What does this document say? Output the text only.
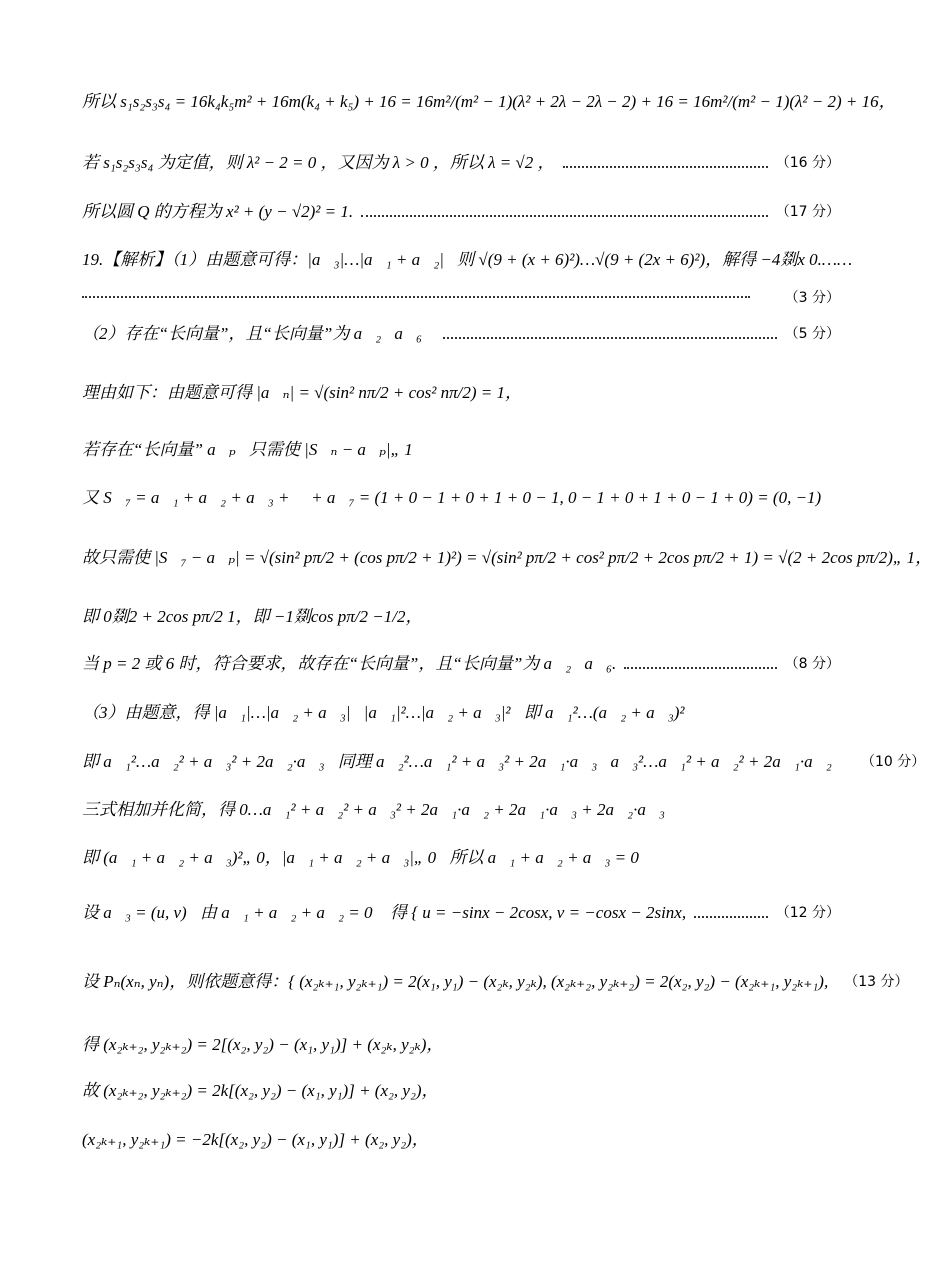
所以 s₁s₂s₃s₄ = 16k₄k₅m² + 16m(k₄ + k₅) + 16 = 16m²/(m² − 1)(λ² + 2λ − 2λ − 2) + 16 = 16m²/(m² − 1)(λ² − 2) + 16，
若 s₁s₂s₃s₄ 为定值，则 λ² − 2 = 0 ，又因为 λ > 0 ，所以 λ = √2 ，	（16 分）
所以圆 Q 的方程为 x² + (y − √2)² = 1.	（17 分）
19.【解析】（1）由题意可得：|a⃗₃|…|a⃗₁ + a⃗₂|，则 √(9 + (x + 6)²)…√(9 + (2x + 6)²)，解得 −4剟x 0.……
（3 分）
（2）存在“长向量”，且“长向量”为 a⃗₂，a⃗₆，	（5 分）
理由如下：由题意可得 |a⃗ₙ| = √(sin² nπ/2 + cos² nπ/2) = 1，
若存在“长向量” a⃗ₚ，只需使 |S⃗ₙ − a⃗ₚ|„ 1，
又 S⃗₇ = a⃗₁ + a⃗₂ + a⃗₃ + ⋯ + a⃗₇ = (1 + 0 − 1 + 0 + 1 + 0 − 1, 0 − 1 + 0 + 1 + 0 − 1 + 0) = (0, −1)，
故只需使 |S⃗₇ − a⃗ₚ| = √(sin² pπ/2 + (cos pπ/2 + 1)²) = √(sin² pπ/2 + cos² pπ/2 + 2cos pπ/2 + 1) = √(2 + 2cos pπ/2)„ 1，
即 0剟2 + 2cos pπ/2 1，即 −1剟cos pπ/2 −1/2，
当 p = 2 或 6 时，符合要求，故存在“长向量”，且“长向量”为 a⃗₂，a⃗₆.	（8 分）
（3）由题意，得 |a⃗₁|…|a⃗₂ + a⃗₃|，|a⃗₁|²…|a⃗₂ + a⃗₃|²，即 a⃗₁²…(a⃗₂ + a⃗₃)²，
即 a⃗₁²…a⃗₂² + a⃗₃² + 2a⃗₂·a⃗₃，同理 a⃗₂²…a⃗₁² + a⃗₃² + 2a⃗₁·a⃗₃，a⃗₃²…a⃗₁² + a⃗₂² + 2a⃗₁·a⃗₂， （10 分）
三式相加并化简，得 0…a⃗₁² + a⃗₂² + a⃗₃² + 2a⃗₁·a⃗₂ + 2a⃗₁·a⃗₃ + 2a⃗₂·a⃗₃，
即 (a⃗₁ + a⃗₂ + a⃗₃)²„ 0，|a⃗₁ + a⃗₂ + a⃗₃|„ 0，所以 a⃗₁ + a⃗₂ + a⃗₃ = 0⃗，
设 a⃗₃ = (u, v)，由 a⃗₁ + a⃗₂ + a⃗₂ = 0⃗ 得 { u = −sinx − 2cosx, v = −cosx − 2sinx,	（12 分）
设 Pₙ(xₙ, yₙ)，则依题意得：{ (x₂ₖ₊₁, y₂ₖ₊₁) = 2(x₁, y₁) − (x₂ₖ, y₂ₖ), (x₂ₖ₊₂, y₂ₖ₊₂) = 2(x₂, y₂) − (x₂ₖ₊₁, y₂ₖ₊₁), （13 分）
得 (x₂ₖ₊₂, y₂ₖ₊₂) = 2[(x₂, y₂) − (x₁, y₁)] + (x₂ₖ, y₂ₖ)，
故 (x₂ₖ₊₂, y₂ₖ₊₂) = 2k[(x₂, y₂) − (x₁, y₁)] + (x₂, y₂)，
(x₂ₖ₊₁, y₂ₖ₊₁) = −2k[(x₂, y₂) − (x₁, y₁)] + (x₂, y₂)，
